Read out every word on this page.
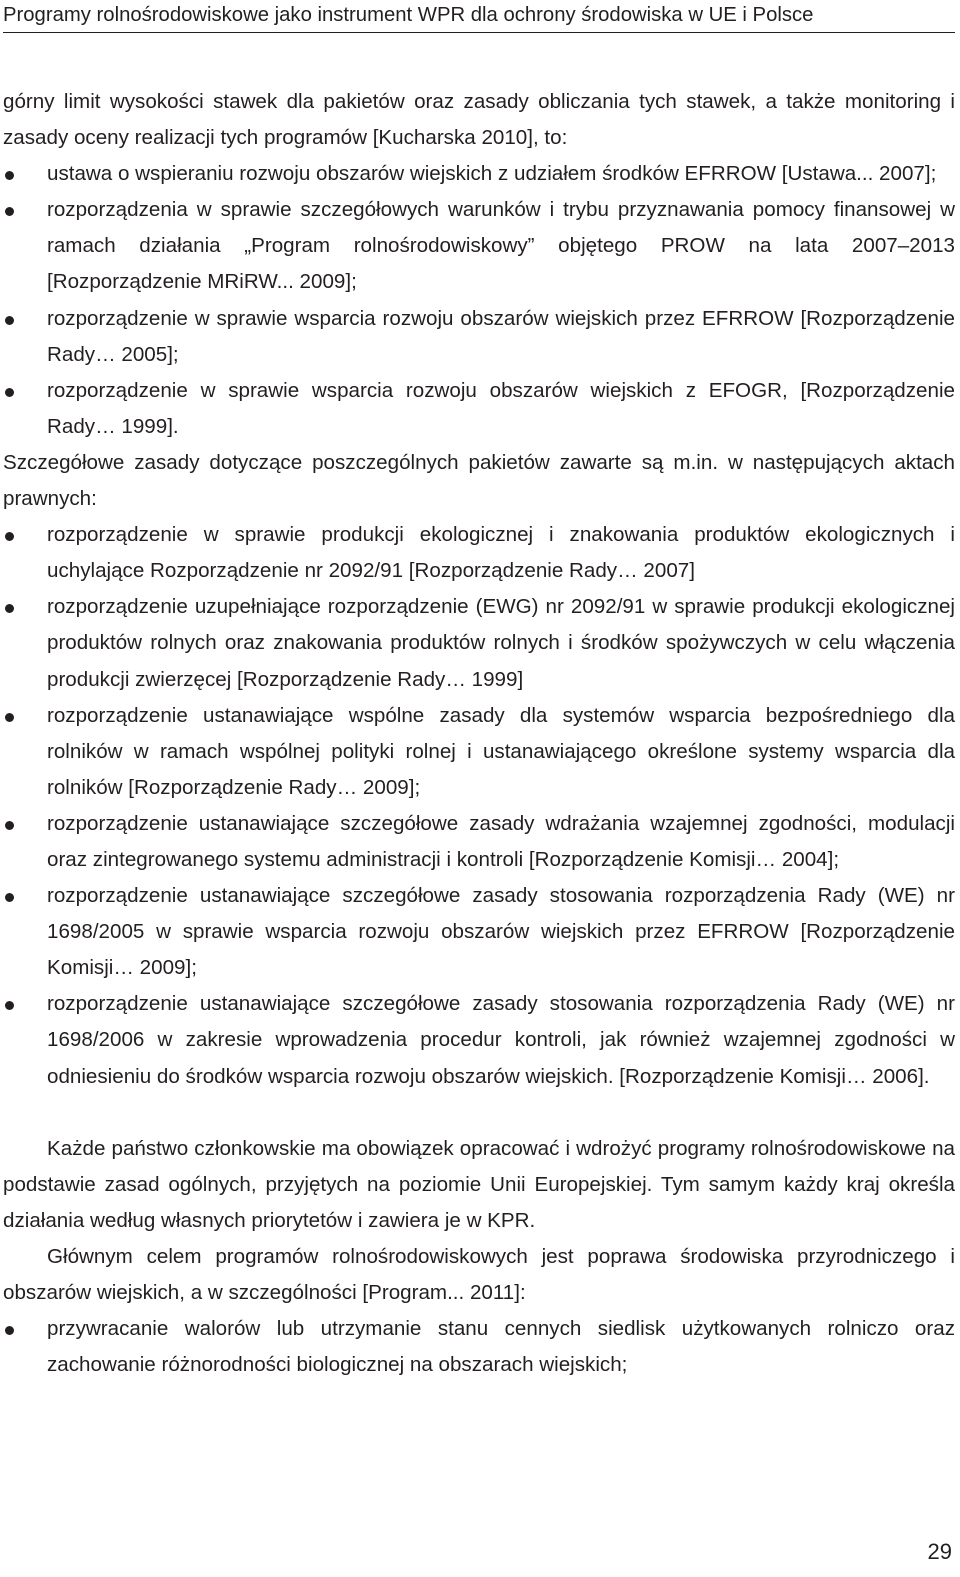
Programy rolnośrodowiskowe jako instrument WPR dla ochrony środowiska w UE i Polsce

górny limit wysokości stawek dla pakietów oraz zasady obliczania tych stawek, a także monitoring i zasady oceny realizacji tych programów [Kucharska 2010], to:

ustawa o wspieraniu rozwoju obszarów wiejskich z udziałem środków EFRROW [Ustawa... 2007];
rozporządzenia w sprawie szczegółowych warunków i trybu przyznawania pomocy finansowej w ramach działania „Program rolnośrodowiskowy” objętego PROW na lata 2007–2013 [Rozporządzenie MRiRW... 2009];
rozporządzenie w sprawie wsparcia rozwoju obszarów wiejskich przez EFRROW [Rozporządzenie Rady… 2005];
rozporządzenie w sprawie wsparcia rozwoju obszarów wiejskich z EFOGR, [Rozporządzenie Rady… 1999].

Szczegółowe zasady dotyczące poszczególnych pakietów zawarte są m.in. w następujących aktach prawnych:

rozporządzenie w sprawie produkcji ekologicznej i znakowania produktów ekologicznych i uchylające Rozporządzenie nr 2092/91 [Rozporządzenie Rady… 2007]
rozporządzenie uzupełniające rozporządzenie (EWG) nr 2092/91 w sprawie produkcji ekologicznej produktów rolnych oraz znakowania produktów rolnych i środków spożywczych w celu włączenia produkcji zwierzęcej [Rozporządzenie Rady… 1999]
rozporządzenie ustanawiające wspólne zasady dla systemów wsparcia bezpośredniego dla rolników w ramach wspólnej polityki rolnej i ustanawiającego określone systemy wsparcia dla rolników [Rozporządzenie Rady… 2009];
rozporządzenie ustanawiające szczegółowe zasady wdrażania wzajemnej zgodności, modulacji oraz zintegrowanego systemu administracji i kontroli [Rozporządzenie Komisji… 2004];
rozporządzenie ustanawiające szczegółowe zasady stosowania rozporządzenia Rady (WE) nr 1698/2005 w sprawie wsparcia rozwoju obszarów wiejskich przez EFRROW [Rozporządzenie Komisji… 2009];
rozporządzenie ustanawiające szczegółowe zasady stosowania rozporządzenia Rady (WE) nr 1698/2006 w zakresie wprowadzenia procedur kontroli, jak również wzajemnej zgodności w odniesieniu do środków wsparcia rozwoju obszarów wiejskich. [Rozporządzenie Komisji… 2006].

Każde państwo członkowskie ma obowiązek opracować i wdrożyć programy rolnośrodowiskowe na podstawie zasad ogólnych, przyjętych na poziomie Unii Europejskiej. Tym samym każdy kraj określa działania według własnych priorytetów i zawiera je w KPR.

Głównym celem programów rolnośrodowiskowych jest poprawa środowiska przyrodniczego i obszarów wiejskich, a w szczególności [Program... 2011]:

przywracanie walorów lub utrzymanie stanu cennych siedlisk użytkowanych rolniczo oraz zachowanie różnorodności biologicznej na obszarach wiejskich;
29
